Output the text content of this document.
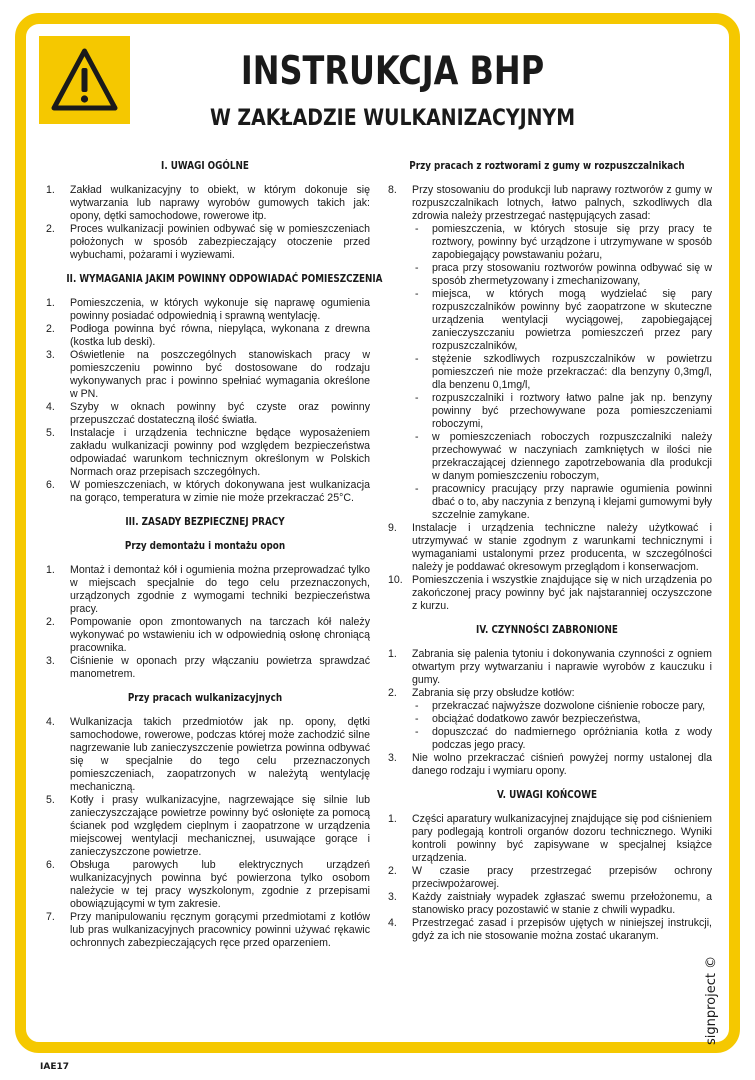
INSTRUKCJA BHP
W ZAKŁADZIE WULKANIZACYJNYM
I. UWAGI OGÓLNE
1. Zakład wulkanizacyjny to obiekt, w którym dokonuje się wytwarzania lub naprawy wyrobów gumowych takich jak: opony, dętki samochodowe, rowerowe itp.
2. Proces wulkanizacji powinien odbywać się w pomieszczeniach położonych w sposób zabezpieczający otoczenie przed wybuchami, pożarami i wyziewami.
II. WYMAGANIA JAKIM POWINNY ODPOWIADAĆ POMIESZCZENIA
1. Pomieszczenia, w których wykonuje się naprawę ogumienia powinny posiadać odpowiednią i sprawną wentylację.
2. Podłoga powinna być równa, niepyląca, wykonana z drewna (kostka lub deski).
3. Oświetlenie na poszczególnych stanowiskach pracy w pomieszczeniu powinno być dostosowane do rodzaju wykonywanych prac i powinno spełniać wymagania określone w PN.
4. Szyby w oknach powinny być czyste oraz powinny przepuszczać dostateczną ilość światła.
5. Instalacje i urządzenia techniczne będące wyposażeniem zakładu wulkanizacji powinny pod względem bezpieczeństwa odpowiadać warunkom technicznym określonym w Polskich Normach oraz przepisach szczegółnych.
6. W pomieszczeniach, w których dokonywana jest wulkanizacja na gorąco, temperatura w zimie nie może przekraczać 25°C.
III. ZASADY BEZPIECZNEJ PRACY
Przy demontażu i montażu opon
1. Montaż i demontaż kół i ogumienia można przeprowadzać tylko w miejscach specjalnie do tego celu przeznaczonych, urządzonych zgodnie z wymogami techniki bezpieczeństwa pracy.
2. Pompowanie opon zmontowanych na tarczach kół należy wykonywać po wstawieniu ich w odpowiednią osłonę chroniącą pracownika.
3. Ciśnienie w oponach przy włączaniu powietrza sprawdzać manometrem.
Przy pracach wulkanizacyjnych
4. Wulkanizacja takich przedmiotów jak np. opony, dętki samochodowe, rowerowe, podczas której może zachodzić silne nagrzewanie lub zanieczyszczenie powietrza powinna odbywać się w specjalnie do tego celu przeznaczonych pomieszczeniach, zaopatrzonych w należytą wentylację mechaniczną.
5. Kotły i prasy wulkanizacyjne, nagrzewające się silnie lub zanieczyszczające powietrze powinny być osłonięte za pomocą ścianek pod względem cieplnym i zaopatrzone w urządzenia miejscowej wentylacji mechanicznej, usuwające gorące i zanieczyszczone powietrze.
6. Obsługa parowych lub elektrycznych urządzeń wulkanizacyjnych powinna być powierzona tylko osobom należycie w tej pracy wyszkolonym, zgodnie z przepisami obowiązującymi w tym zakresie.
7. Przy manipulowaniu ręcznym gorącymi przedmiotami z kotłów lub pras wulkanizacyjnych pracownicy powinni używać rękawic ochronnych zabezpieczających ręce przed oparzeniem.
Przy pracach z roztworami z gumy w rozpuszczalnikach
8. Przy stosowaniu do produkcji lub naprawy roztworów z gumy w rozpuszczalnikach lotnych, łatwo palnych, szkodliwych dla zdrowia należy przestrzegać następujących zasad:
- pomieszczenia, w których stosuje się przy pracy te roztwory, powinny być urządzone i utrzymywane w sposób zapobiegający powstawaniu pożaru,
- praca przy stosowaniu roztworów powinna odbywać się w sposób zhermetyzowany i zmechanizowany,
- miejsca, w których mogą wydzielać się pary rozpuszczalników powinny być zaopatrzone w skuteczne urządzenia wentylacji wyciągowej, zapobiegającej zanieczyszczaniu powietrza pomieszczeń przez pary rozpuszczalników,
- stężenie szkodliwych rozpuszczalników w powietrzu pomieszczeń nie może przekraczać: dla benzyny 0,3mg/l, dla benzenu 0,1mg/l,
- rozpuszczalniki i roztwory łatwo palne jak np. benzyny powinny być przechowywane poza pomieszczeniami roboczymi,
- w pomieszczeniach roboczych rozpuszczalniki należy przechowywać w naczyniach zamkniętych w ilości nie przekraczającej dziennego zapotrzebowania dla produkcji w danym pomieszczeniu roboczym,
- pracownicy pracujący przy naprawie ogumienia powinni dbać o to, aby naczynia z benzyną i klejami gumowymi były szczelnie zamykane.
9. Instalacje i urządzenia techniczne należy użytkować i utrzymywać w stanie zgodnym z warunkami technicznymi i wymaganiami ustalonymi przez producenta, w szczególności należy je poddawać okresowym przeglądom i konserwacjom.
10. Pomieszczenia i wszystkie znajdujące się w nich urządzenia po zakończonej pracy powinny być jak najstaranniej oczyszczone z kurzu.
IV. CZYNNOŚCI ZABRONIONE
1. Zabrania się palenia tytoniu i dokonywania czynności z ogniem otwartym przy wytwarzaniu i naprawie wyrobów z kauczuku i gumy.
2. Zabrania się przy obsłudze kotłów:
- przekraczać najwyższe dozwolone ciśnienie robocze pary,
- obciążać dodatkowo zawór bezpieczeństwa,
- dopuszczać do nadmiernego opróżniania kotła z wody podczas jego pracy.
3. Nie wolno przekraczać ciśnień powyżej normy ustalonej dla danego rodzaju i wymiaru opony.
V. UWAGI KOŃCOWE
1. Części aparatury wulkanizacyjnej znajdujące się pod ciśnieniem pary podlegają kontroli organów dozoru technicznego. Wyniki kontroli powinny być zapisywane w specjalnej książce urządzenia.
2. W czasie pracy przestrzegać przepisów ochrony przeciwpożarowej.
3. Każdy zaistniały wypadek zgłaszać swemu przełożonemu, a stanowisko pracy pozostawić w stanie z chwili wypadku.
4. Przestrzegać zasad i przepisów ujętych w niniejszej instrukcji, gdyż za ich nie stosowanie można zostać ukaranym.
signproject ©
IAE17
